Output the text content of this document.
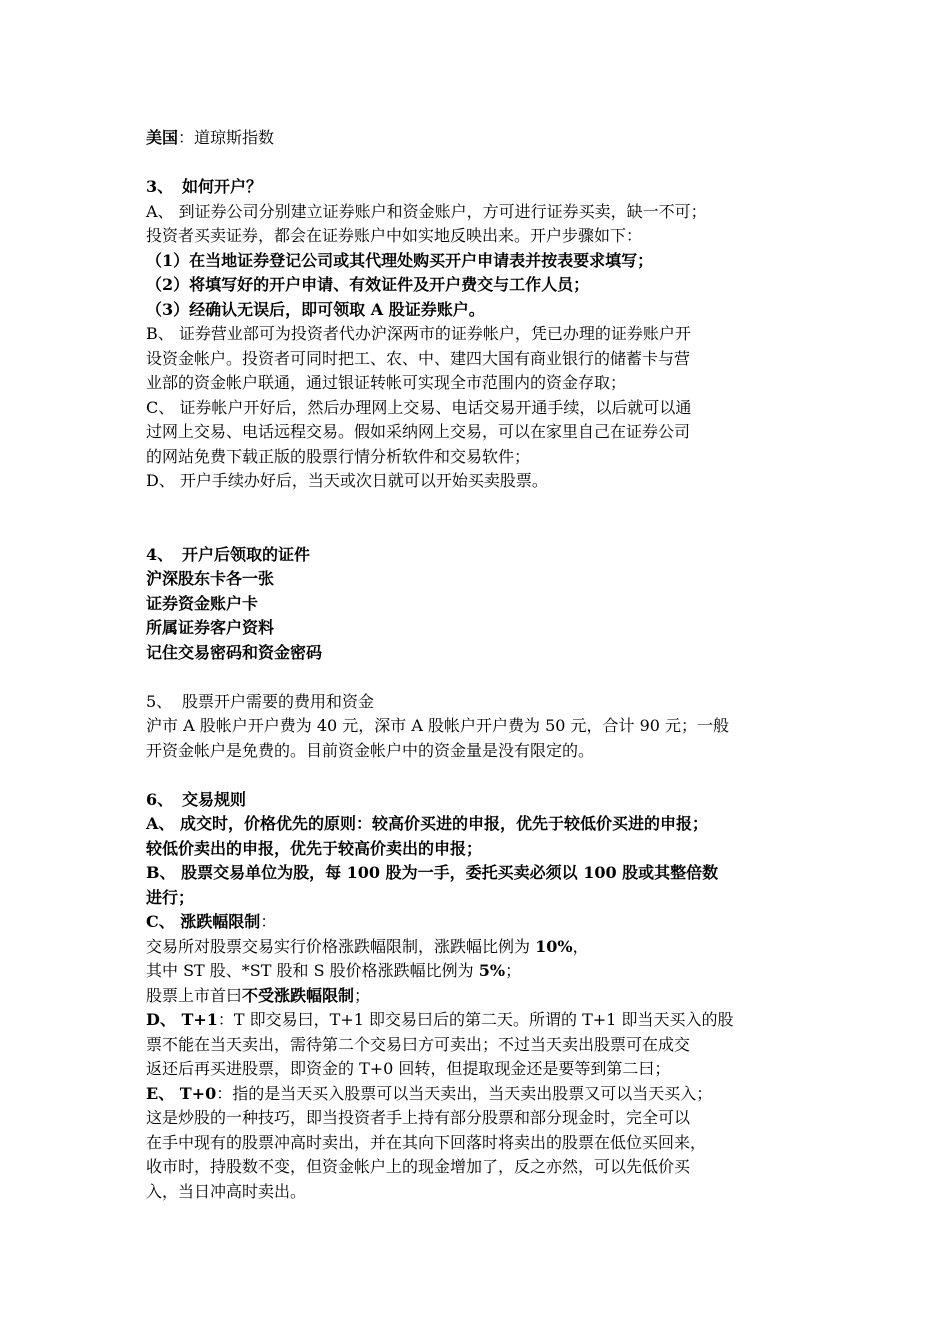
美国：道琼斯指数
3、 如何开户？
A、 到证券公司分别建立证券账户和资金账户，方可进行证券买卖，缺一不可；
投资者买卖证券，都会在证券账户中如实地反映出来。开户步骤如下：
（1）在当地证券登记公司或其代理处购买开户申请表并按表要求填写；
（2）将填写好的开户申请、有效证件及开户费交与工作人员；
（3）经确认无误后，即可领取 A 股证券账户。
B、 证券营业部可为投资者代办沪深两市的证券帐户，凭已办理的证券账户开
设资金帐户。投资者可同时把工、农、中、建四大国有商业银行的储蓄卡与营
业部的资金帐户联通，通过银证转帐可实现全市范围内的资金存取；
C、 证券帐户开好后，然后办理网上交易、电话交易开通手续，以后就可以通
过网上交易、电话远程交易。假如采纳网上交易，可以在家里自己在证券公司
的网站免费下载正版的股票行情分析软件和交易软件；
D、 开户手续办好后，当天或次日就可以开始买卖股票。
4、 开户后领取的证件
沪深股东卡各一张
证券资金账户卡
所属证券客户资料
记住交易密码和资金密码
5、 股票开户需要的费用和资金
沪市 A 股帐户开户费为 40 元，深市 A 股帐户开户费为 50 元，合计 90 元；一般
开资金帐户是免费的。目前资金帐户中的资金量是没有限定的。
6、 交易规则
A、 成交时，价格优先的原则：较高价买进的申报，优先于较低价买进的申报；
较低价卖出的申报，优先于较高价卖出的申报；
B、 股票交易单位为股，每 100 股为一手，委托买卖必须以 100 股或其整倍数
进行；
C、 涨跌幅限制：
交易所对股票交易实行价格涨跌幅限制，涨跌幅比例为 10%，
其中 ST 股、*ST 股和 S 股价格涨跌幅比例为 5%；
股票上市首曰不受涨跌幅限制；
D、 T+1：T 即交易曰，T+1 即交易曰后的第二天。所谓的 T+1 即当天买入的股
票不能在当天卖出，需待第二个交易曰方可卖出；不过当天卖出股票可在成交
返还后再买进股票，即资金的 T+0 回转，但提取现金还是要等到第二曰；
E、 T+0：指的是当天买入股票可以当天卖出，当天卖出股票又可以当天买入；
这是炒股的一种技巧，即当投资者手上持有部分股票和部分现金时，完全可以
在手中现有的股票冲高时卖出，并在其向下回落时将卖出的股票在低位买回来，
收市时，持股数不变，但资金帐户上的现金增加了，反之亦然，可以先低价买
入，当日冲高时卖出。
